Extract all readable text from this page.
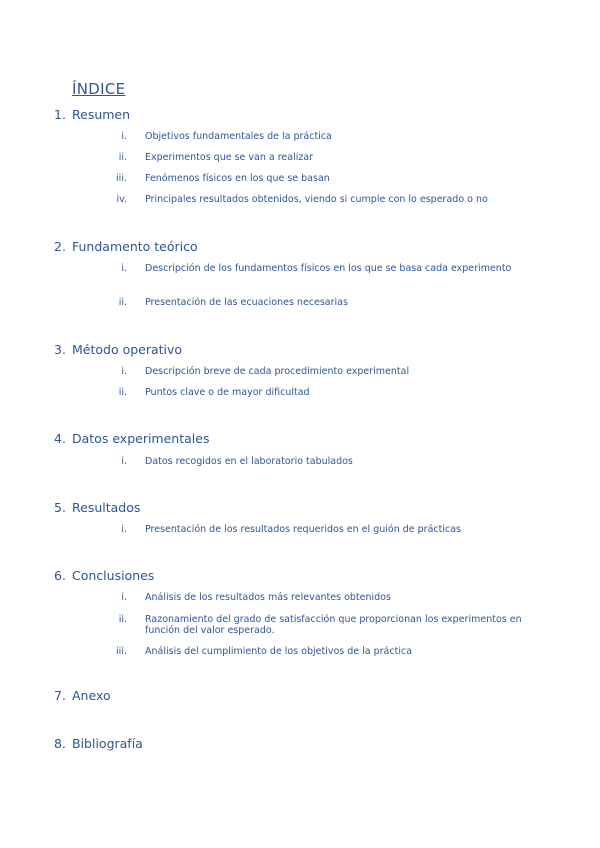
ÍNDICE
1. Resumen
i. Objetivos fundamentales de la práctica
ii. Experimentos que se van a realizar
iii. Fenómenos físicos en los que se basan
iv. Principales resultados obtenidos, viendo si cumple con lo esperado o no
2. Fundamento teórico
i. Descripción de los fundamentos físicos en los que se basa cada experimento
ii. Presentación de las ecuaciones necesarias
3. Método operativo
i. Descripción breve de cada procedimiento experimental
ii. Puntos clave o de mayor dificultad
4. Datos experimentales
i. Datos recogidos en el laboratorio tabulados
5. Resultados
i. Presentación de los resultados requeridos en el guión de prácticas
6. Conclusiones
i. Análisis de los resultados más relevantes obtenidos
ii. Razonamiento del grado de satisfacción que proporcionan los experimentos en función del valor esperado.
iii. Análisis del cumplimiento de los objetivos de la práctica
7. Anexo
8. Bibliografía
